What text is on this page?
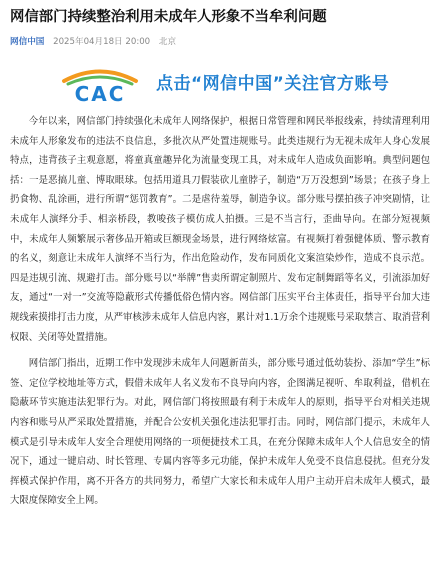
网信部门持续整治利用未成年人形象不当牟利问题
网信中国 2025年04月18日 20:00 北京
CAC 点击“网信中国”关注官方账号

今年以来，网信部门持续强化未成年人网络保护，根据日常管理和网民举报线索，持续清理利用未成年人形象发布的违法不良信息，多批次从严处置违规账号。此类违规行为无视未成年人身心发展特点，违背孩子主观意愿，将童真童趣异化为流量变现工具，对未成年人造成负面影响。典型问题包括：一是恶搞儿童、博取眼球。包括用道具刀假装砍儿童脖子，制造“万万没想到”场景；在孩子身上扔食物、乱涂画，进行所谓“惩罚教育”。二是虐待羞辱，制造争议。部分账号摆拍孩子冲突剧情，让未成年人演绎分手、相亲桥段，教唆孩子模仿成人拍摄。三是不当言行，歪曲导向。在部分短视频中，未成年人频繁展示奢侈品开箱或巨额现金场景，进行网络炫富。有视频打着强健体质、警示教育的名义，刻意让未成年人演绎不当行为，作出危险动作，发布同质化文案渲染炒作，造成不良示范。四是违规引流、规避打击。部分账号以“举牌”售卖所谓定制照片、发布定制舞蹈等名义，引流添加好友，通过“一对一”交流等隐蔽形式传播低俗色情内容。网信部门压实平台主体责任，指导平台加大违规线索摸排打击力度，从严审核涉未成年人信息内容，累计对1.1万余个违规账号采取禁言、取消营利权限、关闭等处置措施。

网信部门指出，近期工作中发现涉未成年人问题新苗头，部分账号通过低幼装扮、添加“学生”标签、定位学校地址等方式，假借未成年人名义发布不良导向内容，企图满足视听、牟取利益，借机在隐蔽环节实施违法犯罪行为。对此，网信部门将按照最有利于未成年人的原则，指导平台对相关违规内容和账号从严采取处置措施，并配合公安机关强化违法犯罪打击。同时，网信部门提示，未成年人模式是引导未成年人安全合理使用网络的一项便捷技术工具，在充分保障未成年人个人信息安全的情况下，通过一键启动、时长管理、专属内容等多元功能，保护未成年人免受不良信息侵扰。但充分发挥模式保护作用，离不开各方的共同努力，希望广大家长和未成年人用户主动开启未成年人模式，最大限度保障安全上网。
